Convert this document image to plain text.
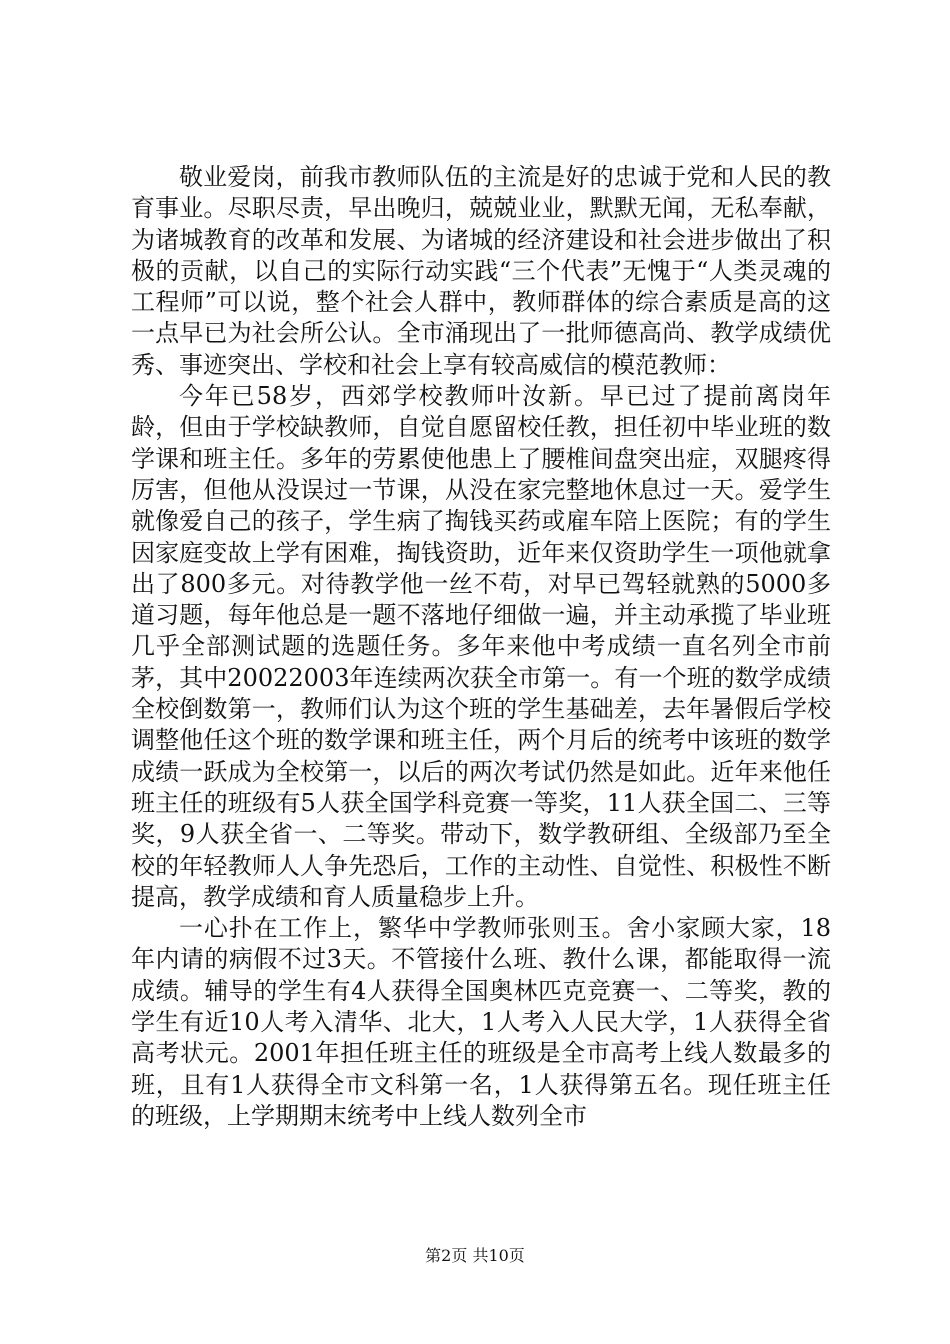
敬业爱岗，前我市教师队伍的主流是好的忠诚于党和人民的教育事业。尽职尽责，早出晚归，兢兢业业，默默无闻，无私奉献，为诸城教育的改革和发展、为诸城的经济建设和社会进步做出了积极的贡献，以自己的实际行动实践“三个代表”无愧于“人类灵魂的工程师”可以说，整个社会人群中，教师群体的综合素质是高的这一点早已为社会所公认。全市涌现出了一批师德高尚、教学成绩优秀、事迹突出、学校和社会上享有较高威信的模范教师：

今年已58岁，西郊学校教师叶汝新。早已过了提前离岗年龄，但由于学校缺教师，自觉自愿留校任教，担任初中毕业班的数学课和班主任。多年的劳累使他患上了腰椎间盘突出症，双腿疼得厉害，但他从没误过一节课，从没在家完整地休息过一天。爱学生就像爱自己的孩子，学生病了掏钱买药或雇车陪上医院；有的学生因家庭变故上学有困难，掏钱资助，近年来仅资助学生一项他就拿出了800多元。对待教学他一丝不苟，对早已驾轻就熟的5000多道习题，每年他总是一题不落地仔细做一遍，并主动承揽了毕业班几乎全部测试题的选题任务。多年来他中考成绩一直名列全市前茅，其中20022003年连续两次获全市第一。有一个班的数学成绩全校倒数第一，教师们认为这个班的学生基础差，去年暑假后学校调整他任这个班的数学课和班主任，两个月后的统考中该班的数学成绩一跃成为全校第一，以后的两次考试仍然是如此。近年来他任班主任的班级有5人获全国学科竞赛一等奖，11人获全国二、三等奖，9人获全省一、二等奖。带动下，数学教研组、全级部乃至全校的年轻教师人人争先恐后，工作的主动性、自觉性、积极性不断提高，教学成绩和育人质量稳步上升。

一心扑在工作上，繁华中学教师张则玉。舍小家顾大家，18年内请的病假不过3天。不管接什么班、教什么课，都能取得一流成绩。辅导的学生有4人获得全国奥林匹克竞赛一、二等奖，教的学生有近10人考入清华、北大，1人考入人民大学，1人获得全省高考状元。2001年担任班主任的班级是全市高考上线人数最多的班，且有1人获得全市文科第一名，1人获得第五名。现任班主任的班级，上学期期末统考中上线人数列全市

第2页 共10页
